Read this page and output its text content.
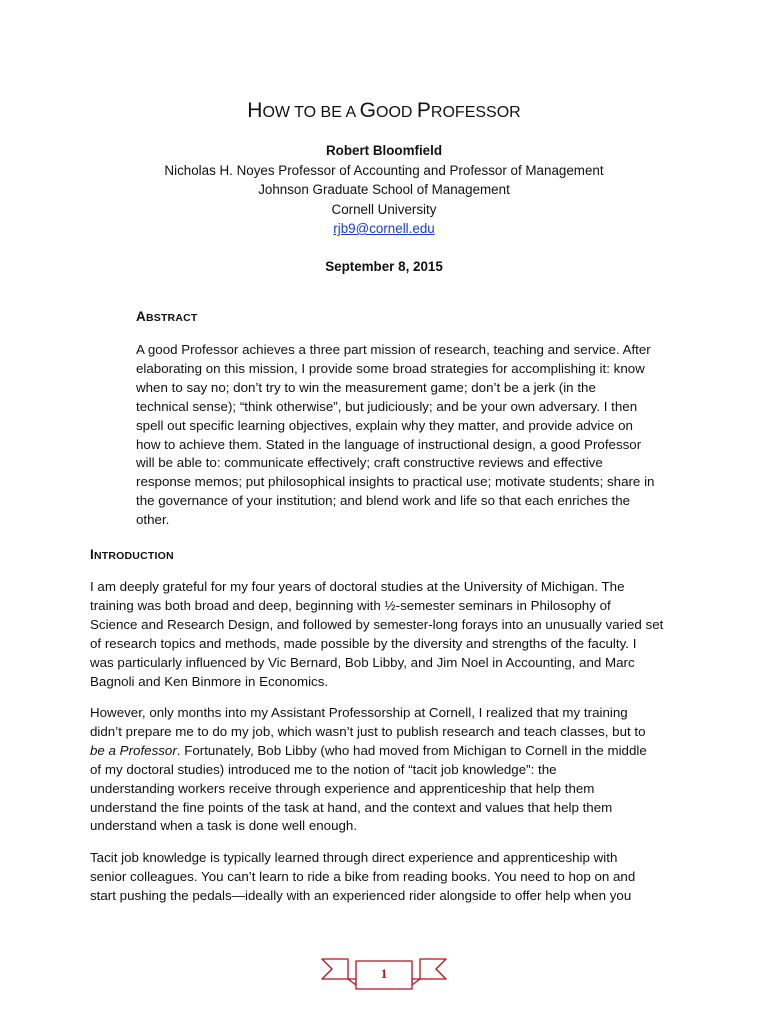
HOW TO BE A GOOD PROFESSOR
Robert Bloomfield
Nicholas H. Noyes Professor of Accounting and Professor of Management
Johnson Graduate School of Management
Cornell University
rjb9@cornell.edu
September 8, 2015
ABSTRACT
A good Professor achieves a three part mission of research, teaching and service. After
elaborating on this mission, I provide some broad strategies for accomplishing it: know
when to say no; don’t try to win the measurement game; don’t be a jerk (in the
technical sense); “think otherwise”, but judiciously; and be your own adversary. I then
spell out specific learning objectives, explain why they matter, and provide advice on
how to achieve them. Stated in the language of instructional design, a good Professor
will be able to: communicate effectively; craft constructive reviews and effective
response memos; put philosophical insights to practical use; motivate students; share in
the governance of your institution; and blend work and life so that each enriches the
other.
INTRODUCTION
I am deeply grateful for my four years of doctoral studies at the University of Michigan. The
training was both broad and deep, beginning with ½-semester seminars in Philosophy of
Science and Research Design, and followed by semester-long forays into an unusually varied set
of research topics and methods, made possible by the diversity and strengths of the faculty. I
was particularly influenced by Vic Bernard, Bob Libby, and Jim Noel in Accounting, and Marc
Bagnoli and Ken Binmore in Economics.
However, only months into my Assistant Professorship at Cornell, I realized that my training
didn’t prepare me to do my job, which wasn’t just to publish research and teach classes, but to
be a Professor. Fortunately, Bob Libby (who had moved from Michigan to Cornell in the middle
of my doctoral studies) introduced me to the notion of “tacit job knowledge”: the
understanding workers receive through experience and apprenticeship that help them
understand the fine points of the task at hand, and the context and values that help them
understand when a task is done well enough.
Tacit job knowledge is typically learned through direct experience and apprenticeship with
senior colleagues. You can’t learn to ride a bike from reading books. You need to hop on and
start pushing the pedals—ideally with an experienced rider alongside to offer help when you
1
